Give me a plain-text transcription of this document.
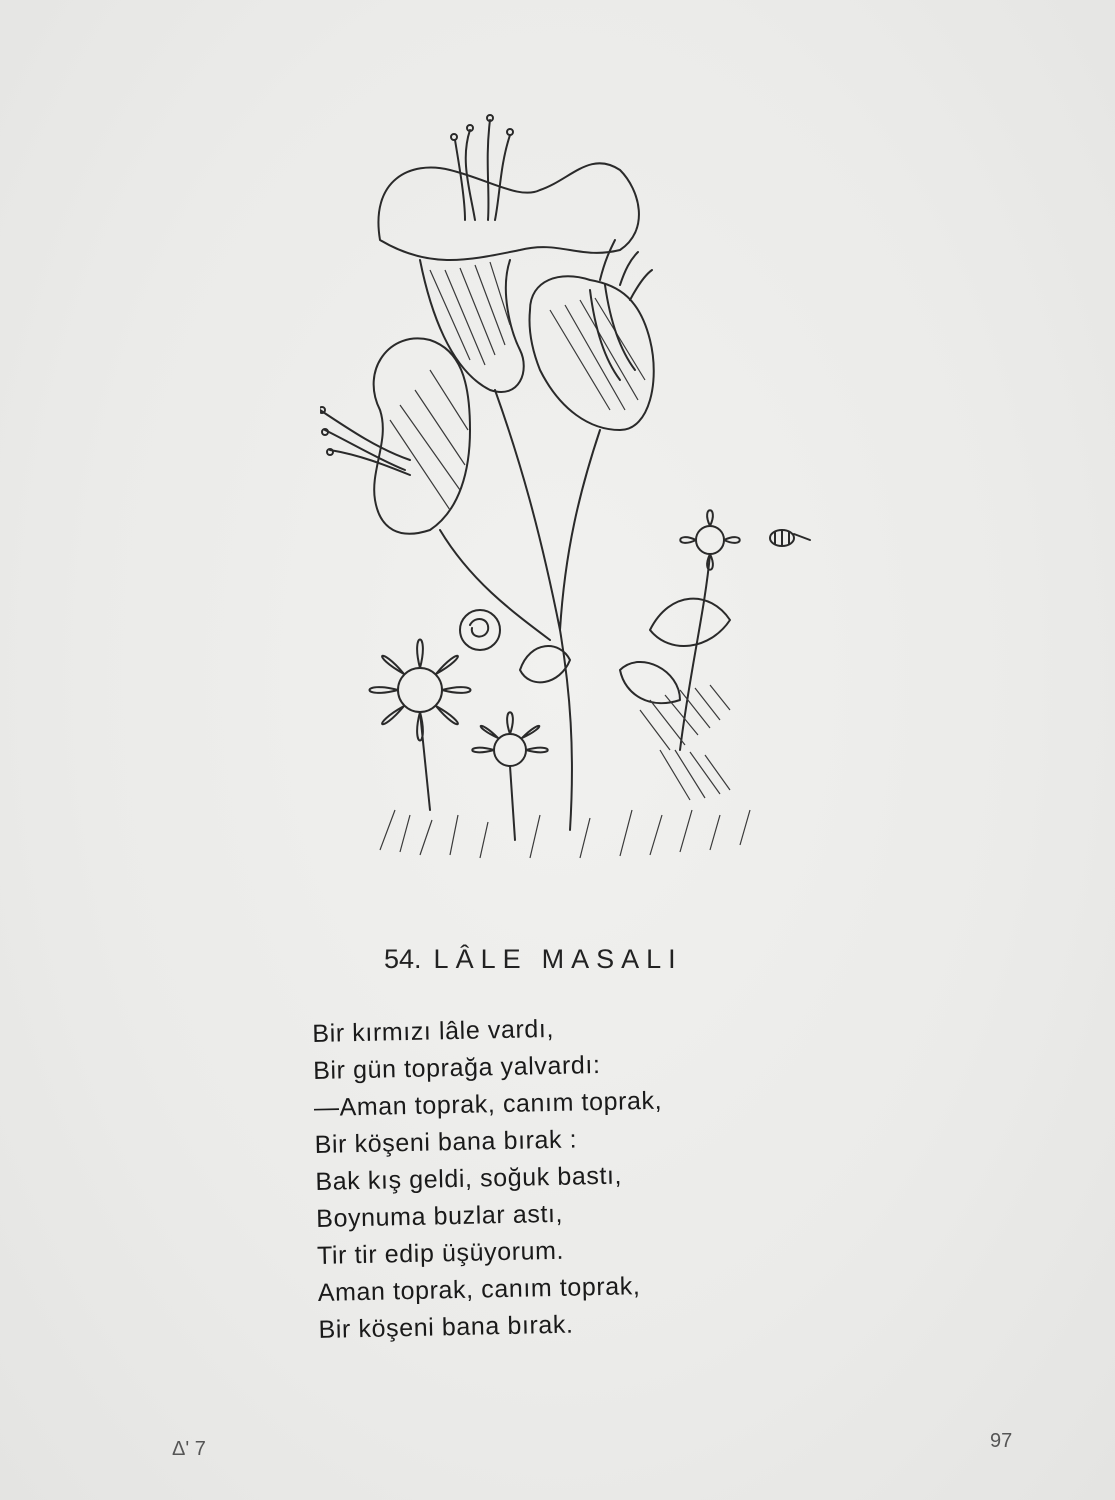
54. LÂLE MASALI
Bir kırmızı lâle vardı,
Bir gün toprağa yalvardı:
—Aman toprak, canım toprak,
Bir köşeni bana bırak :
Bak kış geldi, soğuk bastı,
Boynuma buzlar astı,
Tir tir edip üşüyorum.
Aman toprak, canım toprak,
Bir köşeni bana bırak.
Δ' 7	97
